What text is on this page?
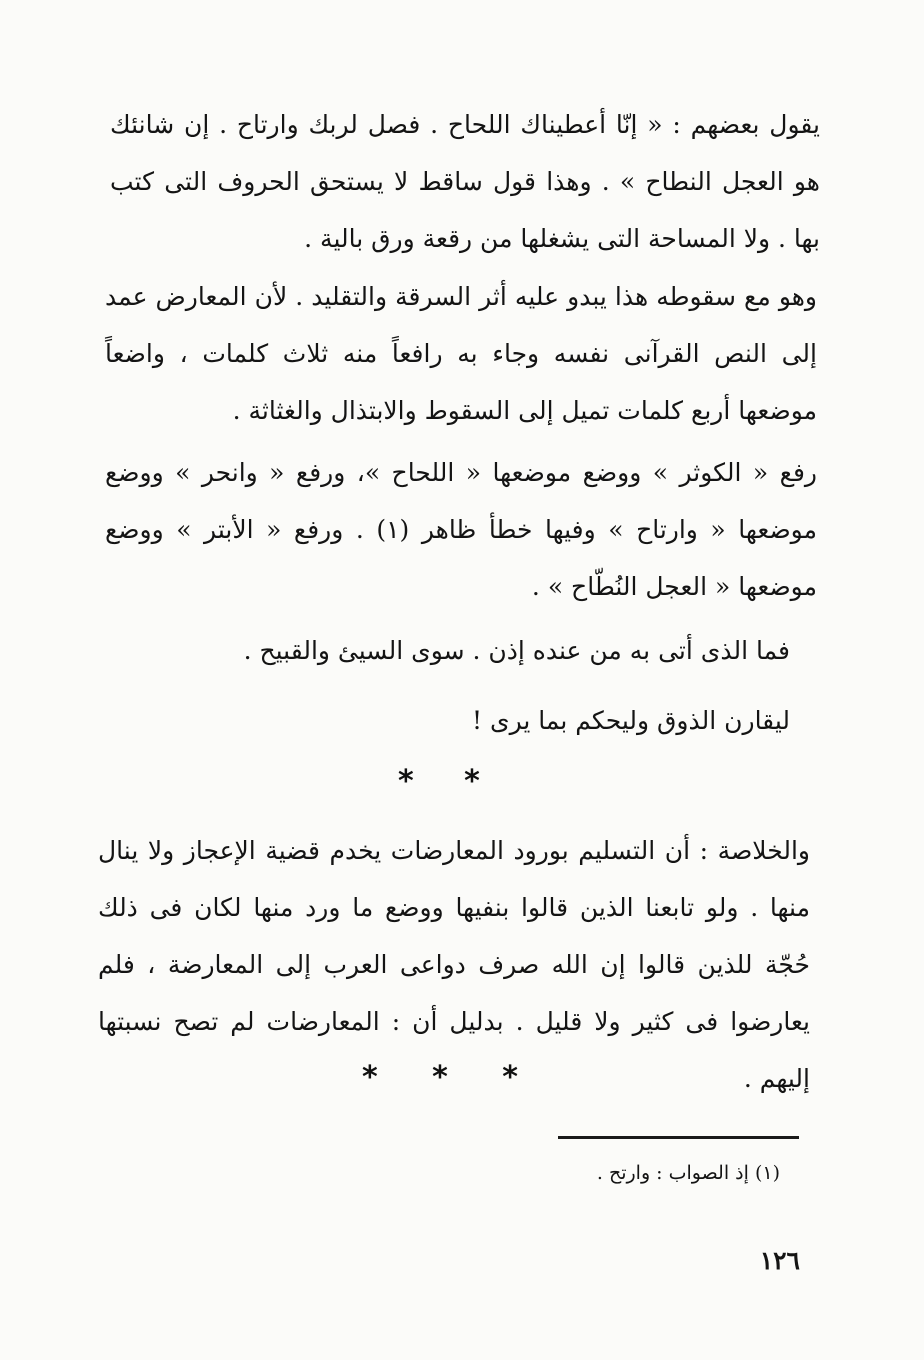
يقول بعضهم : « إنّا أعطيناك اللحاح . فصل لربك وارتاح . إن شانئك هو العجل النطاح » . وهذا قول ساقط لا يستحق الحروف التى كتب بها . ولا المساحة التى يشغلها من رقعة ورق بالية .

وهو مع سقوطه هذا يبدو عليه أثر السرقة والتقليد . لأن المعارض عمد إلى النص القرآنى نفسه وجاء به رافعاً منه ثلاث كلمات ، واضعاً موضعها أربع كلمات تميل إلى السقوط والابتذال والغثاثة .

رفع « الكوثر » ووضع موضعها « اللحاح »، ورفع « وانحر » ووضع موضعها « وارتاح » وفيها خطأ ظاهر (١) . ورفع « الأبتر » ووضع موضعها « العجل النُطّاح » .

فما الذى أتى به من عنده إذن . سوى السيئ والقبيح .

ليقارن الذوق وليحكم بما يرى !

* *

والخلاصة : أن التسليم بورود المعارضات يخدم قضية الإعجاز ولا ينال منها . ولو تابعنا الذين قالوا بنفيها ووضع ما ورد منها لكان فى ذلك حُجّة للذين قالوا إن الله صرف دواعى العرب إلى المعارضة ، فلم يعارضوا فى كثير ولا قليل . بدليل أن : المعارضات لم تصح نسبتها إليهم .

* * *
(١) إذ الصواب : وارتح .
١٢٦
